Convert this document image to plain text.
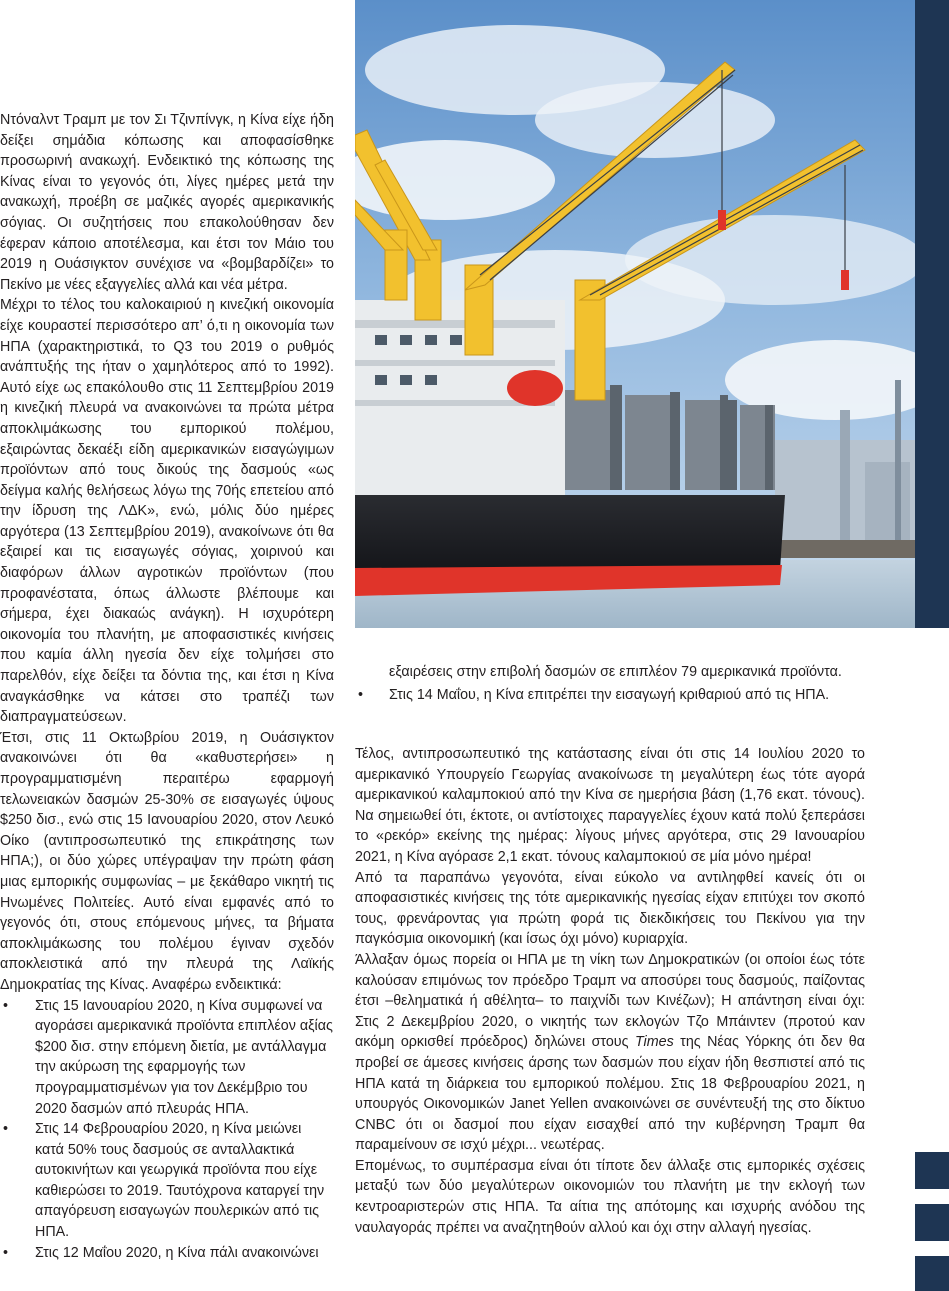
Ντόναλντ Τραμπ με τον Σι Τζινπίνγκ, η Κίνα είχε ήδη δείξει σημάδια κόπωσης και αποφασίσθηκε προσωρινή ανακωχή. Ενδεικτικό της κόπωσης της Κίνας είναι το γεγονός ότι, λίγες ημέρες μετά την ανακωχή, προέβη σε μαζικές αγορές αμερικανικής σόγιας. Οι συζητήσεις που επακολούθησαν δεν έφεραν κάποιο αποτέλεσμα, και έτσι τον Μάιο του 2019 η Ουάσιγκτον συνέχισε να «βομβαρδίζει» το Πεκίνο με νέες εξαγγελίες αλλά και νέα μέτρα.

Μέχρι το τέλος του καλοκαιριού η κινεζική οικονομία είχε κουραστεί περισσότερο απ’ ό,τι η οικονομία των ΗΠΑ (χαρακτηριστικά, το Q3 του 2019 ο ρυθμός ανάπτυξής της ήταν ο χαμηλότερος από το 1992). Αυτό είχε ως επακόλουθο στις 11 Σεπτεμβρίου 2019 η κινεζική πλευρά να ανακοινώνει τα πρώτα μέτρα αποκλιμάκωσης του εμπορικού πολέμου, εξαιρώντας δεκαέξι είδη αμερικανικών εισαγώγιμων προϊόντων από τους δικούς της δασμούς «ως δείγμα καλής θελήσεως λόγω της 70ής επετείου από την ίδρυση της ΛΔΚ», ενώ, μόλις δύο ημέρες αργότερα (13 Σεπτεμβρίου 2019), ανακοίνωνε ότι θα εξαιρεί και τις εισαγωγές σόγιας, χοιρινού και διαφόρων άλλων αγροτικών προϊόντων (που προφανέστατα, όπως άλλωστε βλέπουμε και σήμερα, έχει διακαώς ανάγκη). Η ισχυρότερη οικονομία του πλανήτη, με αποφασιστικές κινήσεις που καμία άλλη ηγεσία δεν είχε τολμήσει στο παρελθόν, είχε δείξει τα δόντια της, και έτσι η Κίνα αναγκάσθηκε να κάτσει στο τραπέζι των διαπραγματεύσεων.

Έτσι, στις 11 Οκτωβρίου 2019, η Ουάσιγκτον ανακοινώνει ότι θα «καθυστερήσει» η προγραμματισμένη περαιτέρω εφαρμογή τελωνειακών δασμών 25-30% σε εισαγωγές ύψους $250 δισ., ενώ στις 15 Ιανουαρίου 2020, στον Λευκό Οίκο (αντιπροσωπευτικό της επικράτησης των ΗΠΑ;), οι δύο χώρες υπέγραψαν την πρώτη φάση μιας εμπορικής συμφωνίας – με ξεκάθαρο νικητή τις Ηνωμένες Πολιτείες. Αυτό είναι εμφανές από το γεγονός ότι, στους επόμενους μήνες, τα βήματα αποκλιμάκωσης του πολέμου έγιναν σχεδόν αποκλειστικά από την πλευρά της Λαϊκής Δημοκρατίας της Κίνας. Αναφέρω ενδεικτικά:

• Στις 15 Ιανουαρίου 2020, η Κίνα συμφωνεί να αγοράσει αμερικανικά προϊόντα επιπλέον αξίας $200 δισ. στην επόμενη διετία, με αντάλλαγμα την ακύρωση της εφαρμογής των προγραμματισμένων για τον Δεκέμβριο του 2020 δασμών από πλευράς ΗΠΑ.
• Στις 14 Φεβρουαρίου 2020, η Κίνα μειώνει κατά 50% τους δασμούς σε ανταλλακτικά αυτοκινήτων και γεωργικά προϊόντα που είχε καθιερώσει το 2019. Ταυτόχρονα καταργεί την απαγόρευση εισαγωγών πουλερικών από τις ΗΠΑ.
• Στις 12 Μαΐου 2020, η Κίνα πάλι ανακοινώνει
εξαιρέσεις στην επιβολή δασμών σε επιπλέον 79 αμερικανικά προϊόντα.
• Στις 14 Μαΐου, η Κίνα επιτρέπει την εισαγωγή κριθαριού από τις ΗΠΑ.

Τέλος, αντιπροσωπευτικό της κατάστασης είναι ότι στις 14 Ιουλίου 2020 το αμερικανικό Υπουργείο Γεωργίας ανακοίνωσε τη μεγαλύτερη έως τότε αγορά αμερικανικού καλαμποκιού από την Κίνα σε ημερήσια βάση (1,76 εκατ. τόνους). Να σημειωθεί ότι, έκτοτε, οι αντίστοιχες παραγγελίες έχουν κατά πολύ ξεπεράσει το «ρεκόρ» εκείνης της ημέρας: λίγους μήνες αργότερα, στις 29 Ιανουαρίου 2021, η Κίνα αγόρασε 2,1 εκατ. τόνους καλαμποκιού σε μία μόνο ημέρα!

Από τα παραπάνω γεγονότα, είναι εύκολο να αντιληφθεί κανείς ότι οι αποφασιστικές κινήσεις της τότε αμερικανικής ηγεσίας είχαν επιτύχει τον σκοπό τους, φρενάροντας για πρώτη φορά τις διεκδικήσεις του Πεκίνου για την παγκόσμια οικονομική (και ίσως όχι μόνο) κυριαρχία.

Άλλαξαν όμως πορεία οι ΗΠΑ με τη νίκη των Δημοκρατικών (οι οποίοι έως τότε καλούσαν επιμόνως τον πρόεδρο Τραμπ να αποσύρει τους δασμούς, παίζοντας έτσι –θεληματικά ή αθέλητα– το παιχνίδι των Κινέζων); Η απάντηση είναι όχι: Στις 2 Δεκεμβρίου 2020, ο νικητής των εκλογών Τζο Μπάιντεν (προτού καν ακόμη ορκισθεί πρόεδρος) δηλώνει στους Times της Νέας Υόρκης ότι δεν θα προβεί σε άμεσες κινήσεις άρσης των δασμών που είχαν ήδη θεσπιστεί από τις ΗΠΑ κατά τη διάρκεια του εμπορικού πολέμου. Στις 18 Φεβρουαρίου 2021, η υπουργός Οικονομικών Janet Yellen ανακοινώνει σε συνέντευξή της στο δίκτυο CNBC ότι οι δασμοί που είχαν εισαχθεί από την κυβέρνηση Τραμπ θα παραμείνουν σε ισχύ μέχρι... νεωτέρας.

Επομένως, το συμπέρασμα είναι ότι τίποτε δεν άλλαξε στις εμπορικές σχέσεις μεταξύ των δύο μεγαλύτερων οικονομιών του πλανήτη με την εκλογή των κεντροαριστερών στις ΗΠΑ. Τα αίτια της απότομης και ισχυρής ανόδου της ναυλαγοράς πρέπει να αναζητηθούν αλλού και όχι στην αλλαγή ηγεσίας.
